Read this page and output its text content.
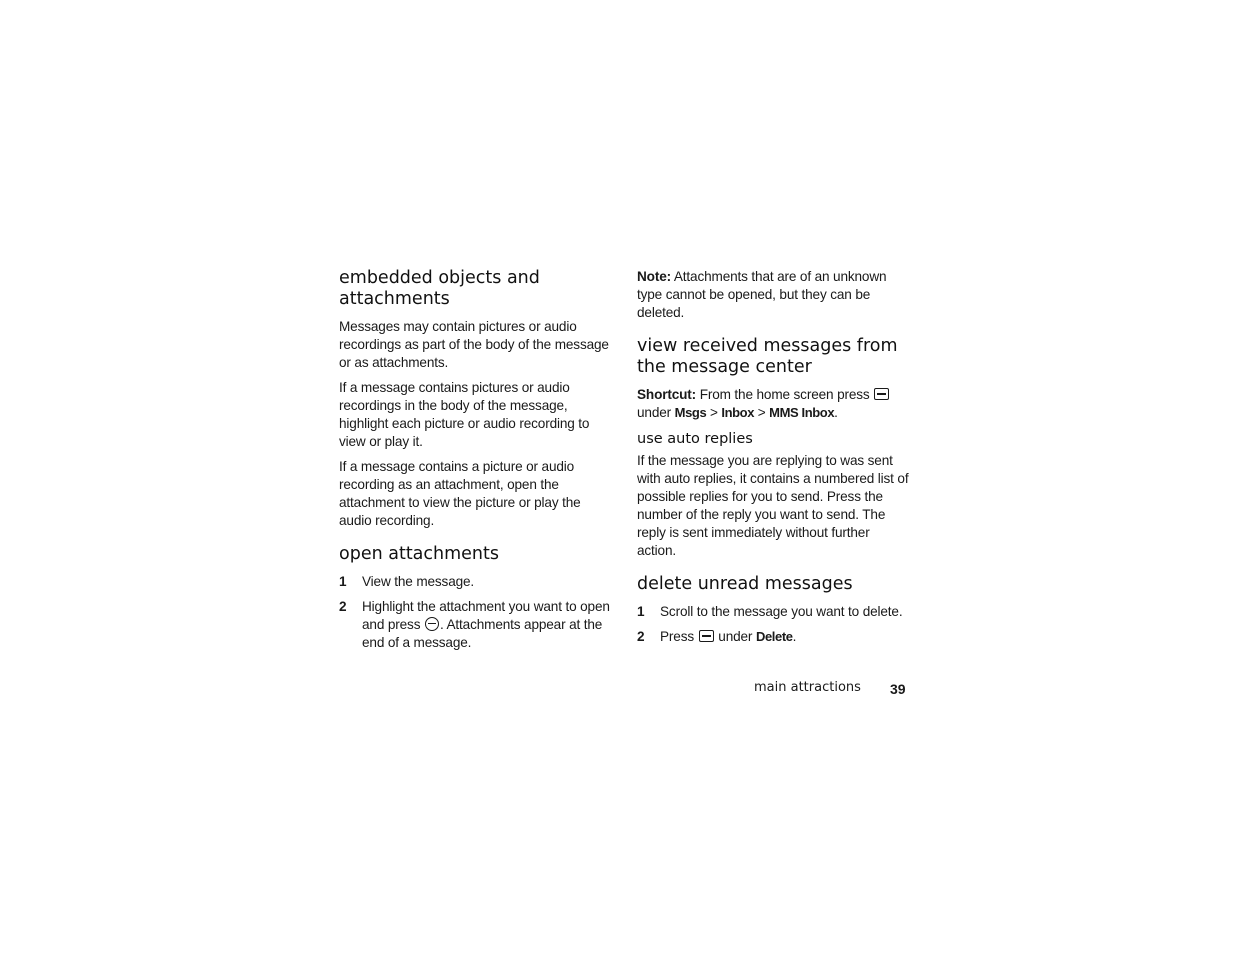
embedded objects and attachments

Messages may contain pictures or audio recordings as part of the body of the message or as attachments.

If a message contains pictures or audio recordings in the body of the message, highlight each picture or audio recording to view or play it.

If a message contains a picture or audio recording as an attachment, open the attachment to view the picture or play the audio recording.

open attachments
1 View the message.
2 Highlight the attachment you want to open and press . Attachments appear at the end of a message.

Note: Attachments that are of an unknown type cannot be opened, but they can be deleted.

view received messages from the message center

Shortcut: From the home screen press  under Msgs > Inbox > MMS Inbox.

use auto replies

If the message you are replying to was sent with auto replies, it contains a numbered list of possible replies for you to send. Press the number of the reply you want to send. The reply is sent immediately without further action.

delete unread messages
1 Scroll to the message you want to delete.
2 Press under Delete.
main attractions 39
